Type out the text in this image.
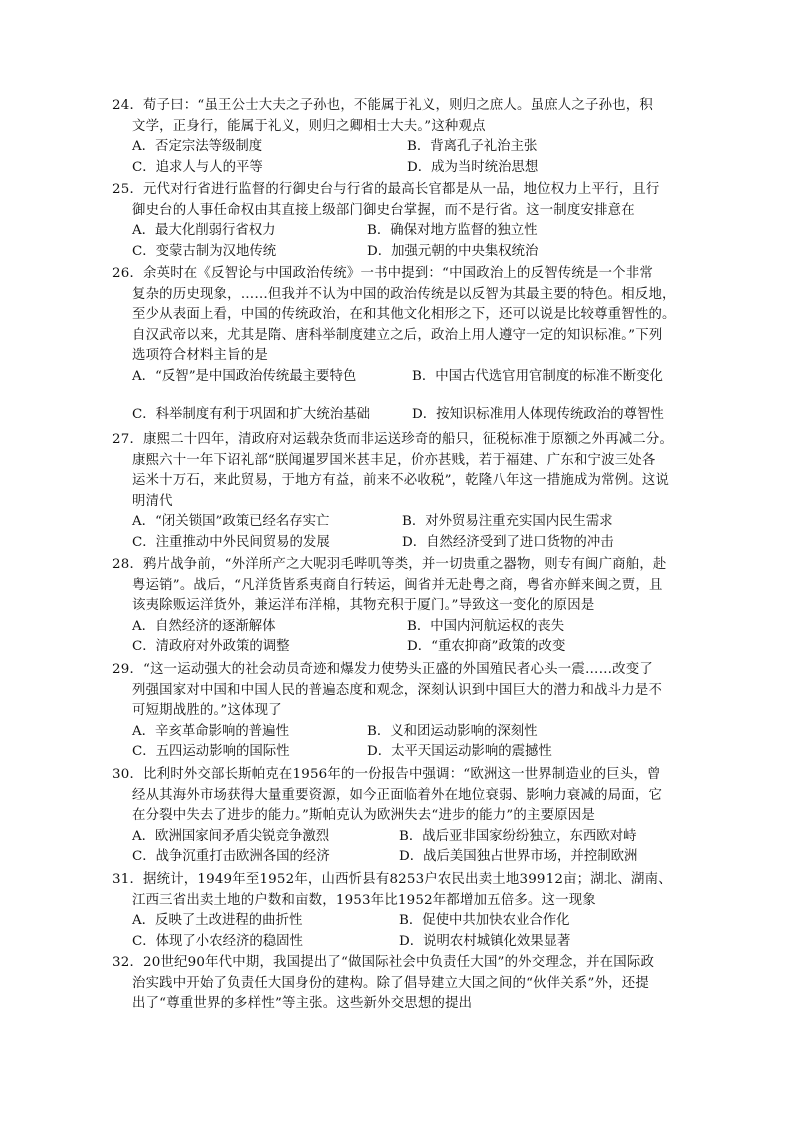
24．荀子曰：“虽王公士大夫之子孙也，不能属于礼义，则归之庶人。虽庶人之子孙也，积
文学，正身行，能属于礼义，则归之卿相士大夫。”这种观点
A．否定宗法等级制度	B．背离孔子礼治主张
C．追求人与人的平等	D．成为当时统治思想
25．元代对行省进行监督的行御史台与行省的最高长官都是从一品，地位权力上平行，且行
御史台的人事任命权由其直接上级部门御史台掌握，而不是行省。这一制度安排意在
A．最大化削弱行省权力	B．确保对地方监督的独立性
C．变蒙古制为汉地传统	D．加强元朝的中央集权统治
26．余英时在《反智论与中国政治传统》一书中提到：“中国政治上的反智传统是一个非常
复杂的历史现象，……但我并不认为中国的政治传统是以反智为其最主要的特色。相反地，
至少从表面上看，中国的传统政治，在和其他文化相形之下，还可以说是比较尊重智性的。
自汉武帝以来，尤其是隋、唐科举制度建立之后，政治上用人遵守一定的知识标准。”下列
选项符合材料主旨的是
A．“反智”是中国政治传统最主要特色	B．中国古代选官用官制度的标准不断变化
C．科举制度有利于巩固和扩大统治基础	D．按知识标准用人体现传统政治的尊智性
27．康熙二十四年，清政府对运载杂货而非运送珍奇的船只，征税标准于原额之外再减二分。
康熙六十一年下诏礼部“朕闻暹罗国米甚丰足，价亦甚贱，若于福建、广东和宁波三处各
运米十万石，来此贸易，于地方有益，前来不必收税”，乾隆八年这一措施成为常例。这说
明清代
A．“闭关锁国”政策已经名存实亡	B．对外贸易注重充实国内民生需求
C．注重推动中外民间贸易的发展	D．自然经济受到了进口货物的冲击
28．鸦片战争前，“外洋所产之大呢羽毛哔叽等类，并一切贵重之器物，则专有闽广商舶，赴
粤运销”。战后，“凡洋货皆系夷商自行转运，闽省并无赴粤之商，粤省亦鲜来闽之贾，且
该夷除贩运洋货外，兼运洋布洋棉，其物充积于厦门。”导致这一变化的原因是
A．自然经济的逐渐解体	B．中国内河航运权的丧失
C．清政府对外政策的调整	D．“重农抑商”政策的改变
29．“这一运动强大的社会动员奇迹和爆发力使势头正盛的外国殖民者心头一震……改变了
列强国家对中国和中国人民的普遍态度和观念，深刻认识到中国巨大的潜力和战斗力是不
可短期战胜的。”这体现了
A．辛亥革命影响的普遍性	B．义和团运动影响的深刻性
C．五四运动影响的国际性	D．太平天国运动影响的震撼性
30．比利时外交部长斯帕克在1956年的一份报告中强调：“欧洲这一世界制造业的巨头，曾
经从其海外市场获得大量重要资源，如今正面临着外在地位衰弱、影响力衰减的局面，它
在分裂中失去了进步的能力。”斯帕克认为欧洲失去“进步的能力”的主要原因是
A．欧洲国家间矛盾尖锐竞争激烈	B．战后亚非国家纷纷独立，东西欧对峙
C．战争沉重打击欧洲各国的经济	D．战后美国独占世界市场，并控制欧洲
31．据统计，1949年至1952年，山西忻县有8253户农民出卖土地39912亩；湖北、湖南、
江西三省出卖土地的户数和亩数，1953年比1952年都增加五倍多。这一现象
A．反映了土改进程的曲折性	B．促使中共加快农业合作化
C．体现了小农经济的稳固性	D．说明农村城镇化效果显著
32．20世纪90年代中期，我国提出了“做国际社会中负责任大国”的外交理念，并在国际政
治实践中开始了负责任大国身份的建构。除了倡导建立大国之间的“伙伴关系”外，还提
出了“尊重世界的多样性”等主张。这些新外交思想的提出
